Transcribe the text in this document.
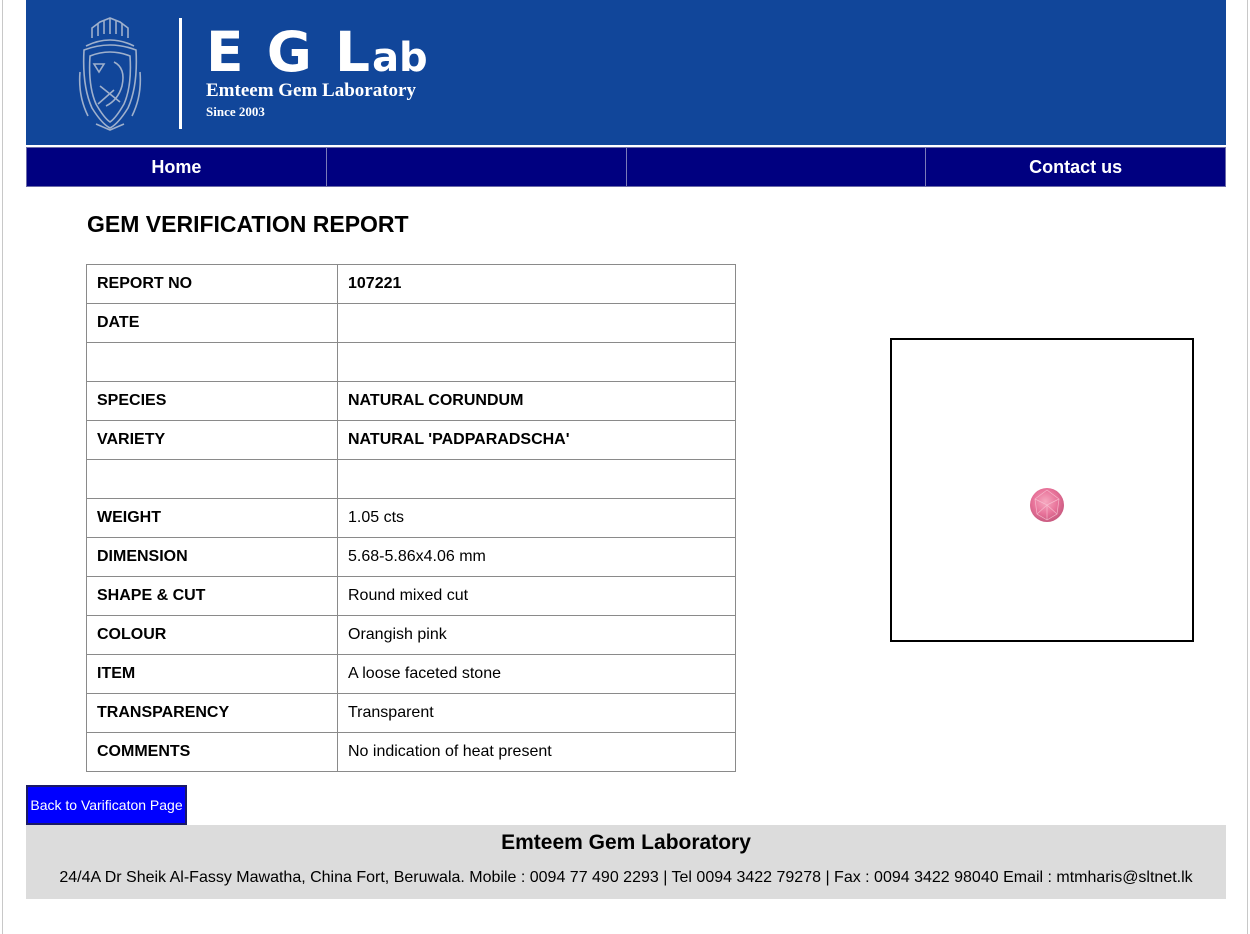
E G Lab
Emteem Gem Laboratory
Since 2003
Home	Contact us
GEM VERIFICATION REPORT
REPORT NO	107221
DATE	

SPECIES	NATURAL CORUNDUM
VARIETY	NATURAL 'PADPARADSCHA'

WEIGHT	1.05 cts
DIMENSION	5.68-5.86x4.06 mm
SHAPE & CUT	Round mixed cut
COLOUR	Orangish pink
ITEM	A loose faceted stone
TRANSPARENCY	Transparent
COMMENTS	No indication of heat present
Back to Varificaton Page
Emteem Gem Laboratory
24/4A Dr Sheik Al-Fassy Mawatha, China Fort, Beruwala. Mobile : 0094 77 490 2293 | Tel 0094 3422 79278 | Fax : 0094 3422 98040 Email : mtmharis@sltnet.lk
